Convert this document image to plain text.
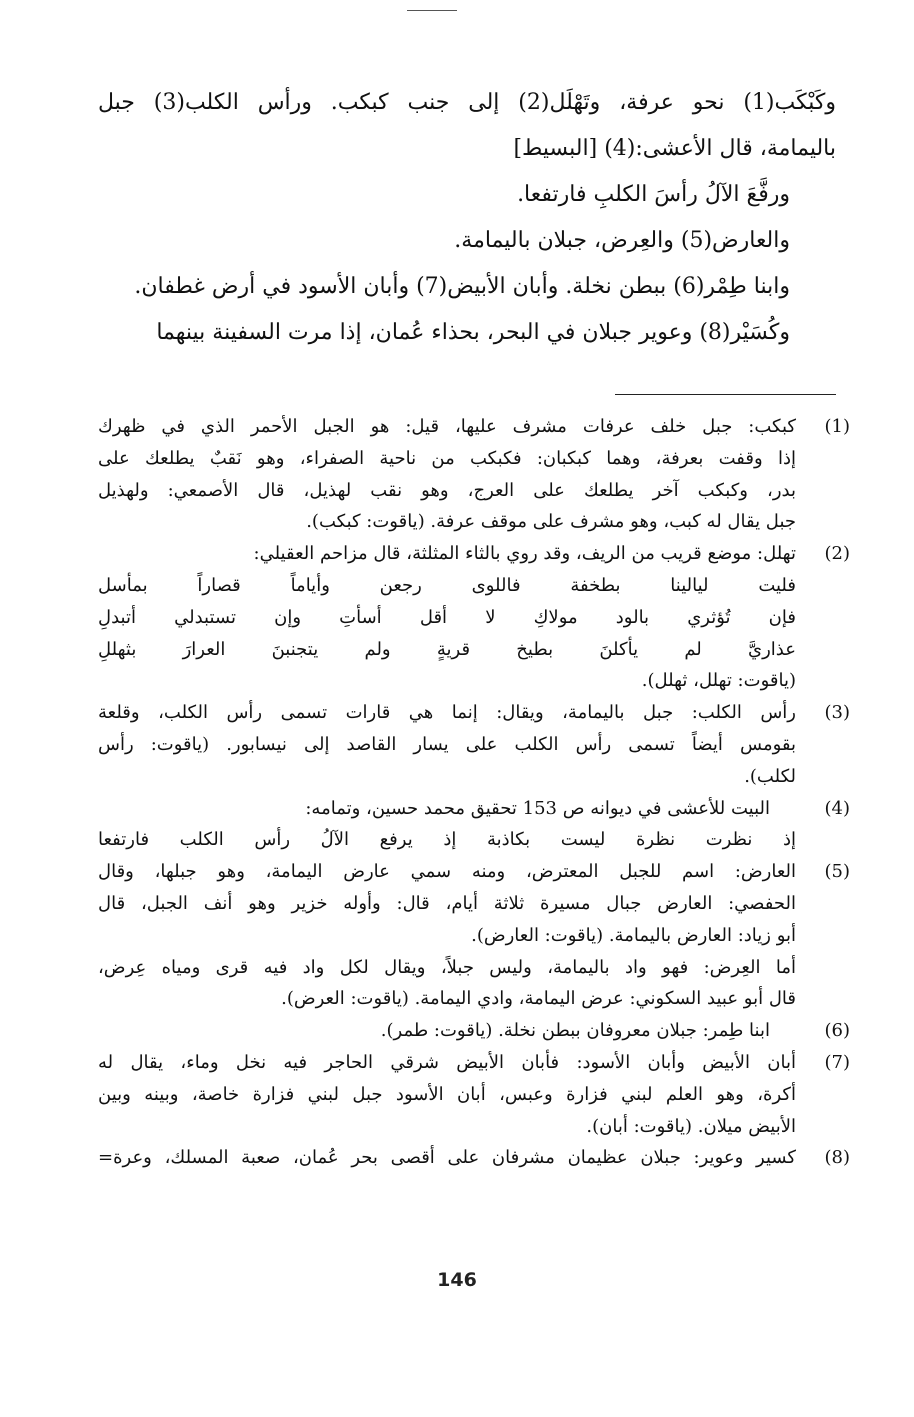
وكَبْكَب(1) نحو عرفة، وتَهْلَل(2) إلى جنب كبكب. ورأس الكلب(3) جبل
باليمامة، قال الأعشى:(4) [البسيط]
ورفَّعَ الآلُ رأسَ الكلبِ فارتفعا.
والعارض(5) والعِرض، جبلان باليمامة.
وابنا طِمْر(6) ببطن نخلة. وأبان الأبيض(7) وأبان الأسود في أرض غطفان.
وكُسَيْر(8) وعوير جبلان في البحر، بحذاء عُمان، إذا مرت السفينة بينهما
(1)
كبكب: جبل خلف عرفات مشرف عليها، قيل: هو الجبل الأحمر الذي في ظهرك
إذا وقفت بعرفة، وهما كبكبان: فكبكب من ناحية الصفراء، وهو نَقبٌ يطلعك على
بدر، وكبكب آخر يطلعك على العرج، وهو نقب لهذيل، قال الأصمعي: ولهذيل
جبل يقال له كبب، وهو مشرف على موقف عرفة. (ياقوت: كبكب).
(2)
تهلل: موضع قريب من الريف، وقد روي بالثاء المثلثة، قال مزاحم العقيلي:
فليت ليالينا بطخفة فاللوى رجعن وأياماً قصاراً بمأسل
فإن تُؤثري بالود مولاكِ لا أقل أسأتِ وإن تستبدلي أتبدلِ
عذاريَّ لم يأكلنَ بطيخ قريةٍ ولم يتجنبنَ العرارَ بثهللِ
(ياقوت: تهلل، ثهلل).
(3)
رأس الكلب: جبل باليمامة، ويقال: إنما هي قارات تسمى رأس الكلب، وقلعة
بقومس أيضاً تسمى رأس الكلب على يسار القاصد إلى نيسابور. (ياقوت: رأس
لكلب).
(4)
البيت للأعشى في ديوانه ص 153 تحقيق محمد حسين، وتمامه:
إذ نظرت نظرة ليست بكاذبة إذ يرفع الآلُ رأس الكلب فارتفعا
(5)
العارض: اسم للجبل المعترض، ومنه سمي عارض اليمامة، وهو جبلها، وقال
الحفصي: العارض جبال مسيرة ثلاثة أيام، قال: وأوله خزير وهو أنف الجبل، قال
أبو زياد: العارض باليمامة. (ياقوت: العارض).
أما العِرض: فهو واد باليمامة، وليس جبلاً، ويقال لكل واد فيه قرى ومياه عِرض،
قال أبو عبيد السكوني: عرض اليمامة، وادي اليمامة. (ياقوت: العرض).
(6)
ابنا طِمر: جبلان معروفان ببطن نخلة. (ياقوت: طمر).
(7)
أبان الأبيض وأبان الأسود: فأبان الأبيض شرقي الحاجر فيه نخل وماء، يقال له
أكرة، وهو العلم لبني فزارة وعبس، أبان الأسود جبل لبني فزارة خاصة، وبينه وبين
الأبيض ميلان. (ياقوت: أبان).
(8)
كسير وعوير: جبلان عظيمان مشرفان على أقصى بحر عُمان، صعبة المسلك، وعرة=
146
